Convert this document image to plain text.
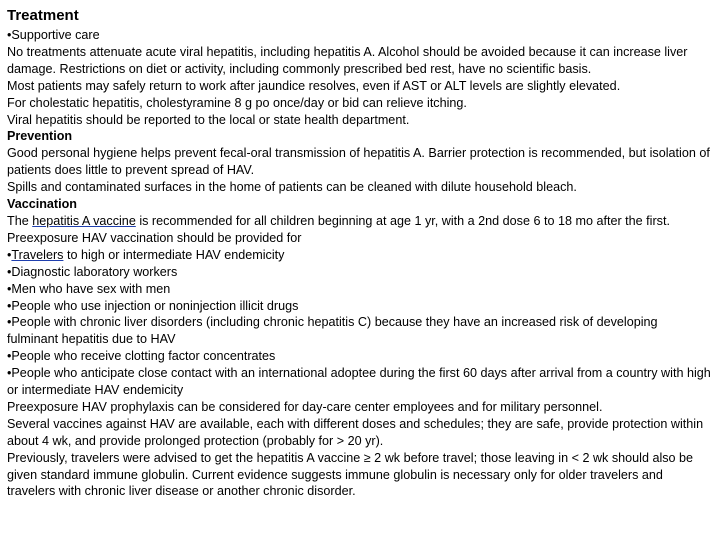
Treatment

•Supportive care

No treatments attenuate acute viral hepatitis, including hepatitis A. Alcohol should be avoided because it can increase liver damage. Restrictions on diet or activity, including commonly prescribed bed rest, have no scientific basis.

Most patients may safely return to work after jaundice resolves, even if AST or ALT levels are slightly elevated.

For cholestatic hepatitis, cholestyramine 8 g po once/day or bid can relieve itching.

Viral hepatitis should be reported to the local or state health department.

Prevention

Good personal hygiene helps prevent fecal-oral transmission of hepatitis A. Barrier protection is recommended, but isolation of patients does little to prevent spread of HAV.

Spills and contaminated surfaces in the home of patients can be cleaned with dilute household bleach.

Vaccination

The hepatitis A vaccine is recommended for all children beginning at age 1 yr, with a 2nd dose 6 to 18 mo after the first.

Preexposure HAV vaccination should be provided for

•Travelers to high or intermediate HAV endemicity

•Diagnostic laboratory workers

•Men who have sex with men

•People who use injection or noninjection illicit drugs

•People with chronic liver disorders (including chronic hepatitis C) because they have an increased risk of developing fulminant hepatitis due to HAV

•People who receive clotting factor concentrates

•People who anticipate close contact with an international adoptee during the first 60 days after arrival from a country with high or intermediate HAV endemicity

Preexposure HAV prophylaxis can be considered for day-care center employees and for military personnel.

Several vaccines against HAV are available, each with different doses and schedules; they are safe, provide protection within about 4 wk, and provide prolonged protection (probably for > 20 yr).

Previously, travelers were advised to get the hepatitis A vaccine ≥ 2 wk before travel; those leaving in < 2 wk should also be given standard immune globulin. Current evidence suggests immune globulin is necessary only for older travelers and travelers with chronic liver disease or another chronic disorder.
